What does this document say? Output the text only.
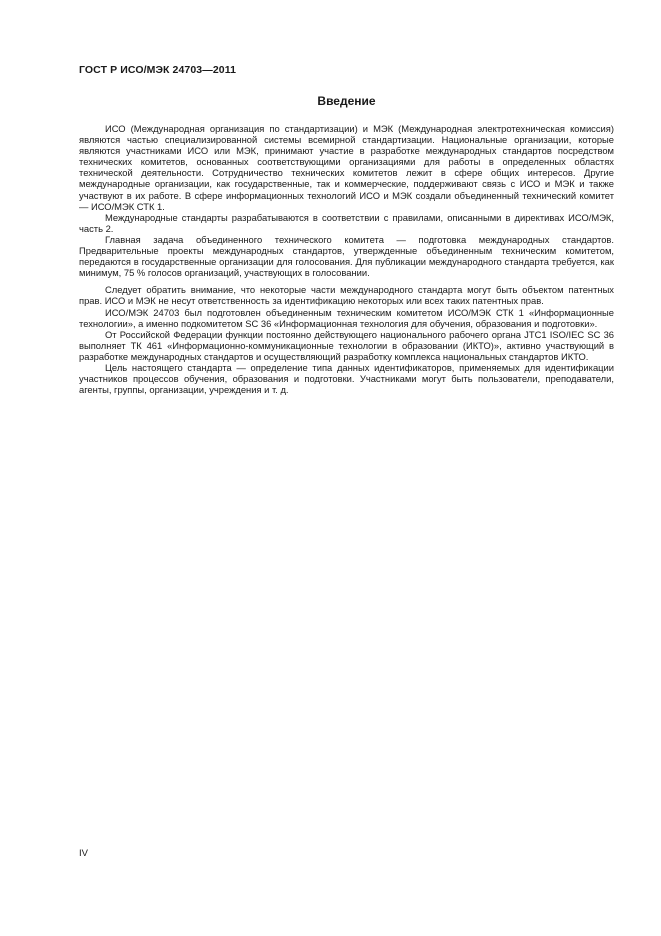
ГОСТ Р ИСО/МЭК 24703—2011
Введение

ИСО (Международная организация по стандартизации) и МЭК (Международная электротехническая комиссия) являются частью специализированной системы всемирной стандартизации. Национальные организации, которые являются участниками ИСО или МЭК, принимают участие в разработке международных стандартов посредством технических комитетов, основанных соответствующими организациями для работы в определенных областях технической деятельности. Сотрудничество технических комитетов лежит в сфере общих интересов. Другие международные организации, как государственные, так и коммерческие, поддерживают связь с ИСО и МЭК и также участвуют в их работе. В сфере информационных технологий ИСО и МЭК создали объединенный технический комитет — ИСО/МЭК СТК 1.

Международные стандарты разрабатываются в соответствии с правилами, описанными в директивах ИСО/МЭК, часть 2.

Главная задача объединенного технического комитета — подготовка международных стандартов. Предварительные проекты международных стандартов, утвержденные объединенным техническим комитетом, передаются в государственные организации для голосования. Для публикации международного стандарта требуется, как минимум, 75 % голосов организаций, участвующих в голосовании.

Следует обратить внимание, что некоторые части международного стандарта могут быть объектом патентных прав. ИСО и МЭК не несут ответственность за идентификацию некоторых или всех таких патентных прав.

ИСО/МЭК 24703 был подготовлен объединенным техническим комитетом ИСО/МЭК СТК 1 «Информационные технологии», а именно подкомитетом SC 36 «Информационная технология для обучения, образования и подготовки».

От Российской Федерации функции постоянно действующего национального рабочего органа JTC1 ISO/IEC SC 36 выполняет ТК 461 «Информационно-коммуникационные технологии в образовании (ИКТО)», активно участвующий в разработке международных стандартов и осуществляющий разработку комплекса национальных стандартов ИКТО.

Цель настоящего стандарта — определение типа данных идентификаторов, применяемых для идентификации участников процессов обучения, образования и подготовки. Участниками могут быть пользователи, преподаватели, агенты, группы, организации, учреждения и т. д.

IV
